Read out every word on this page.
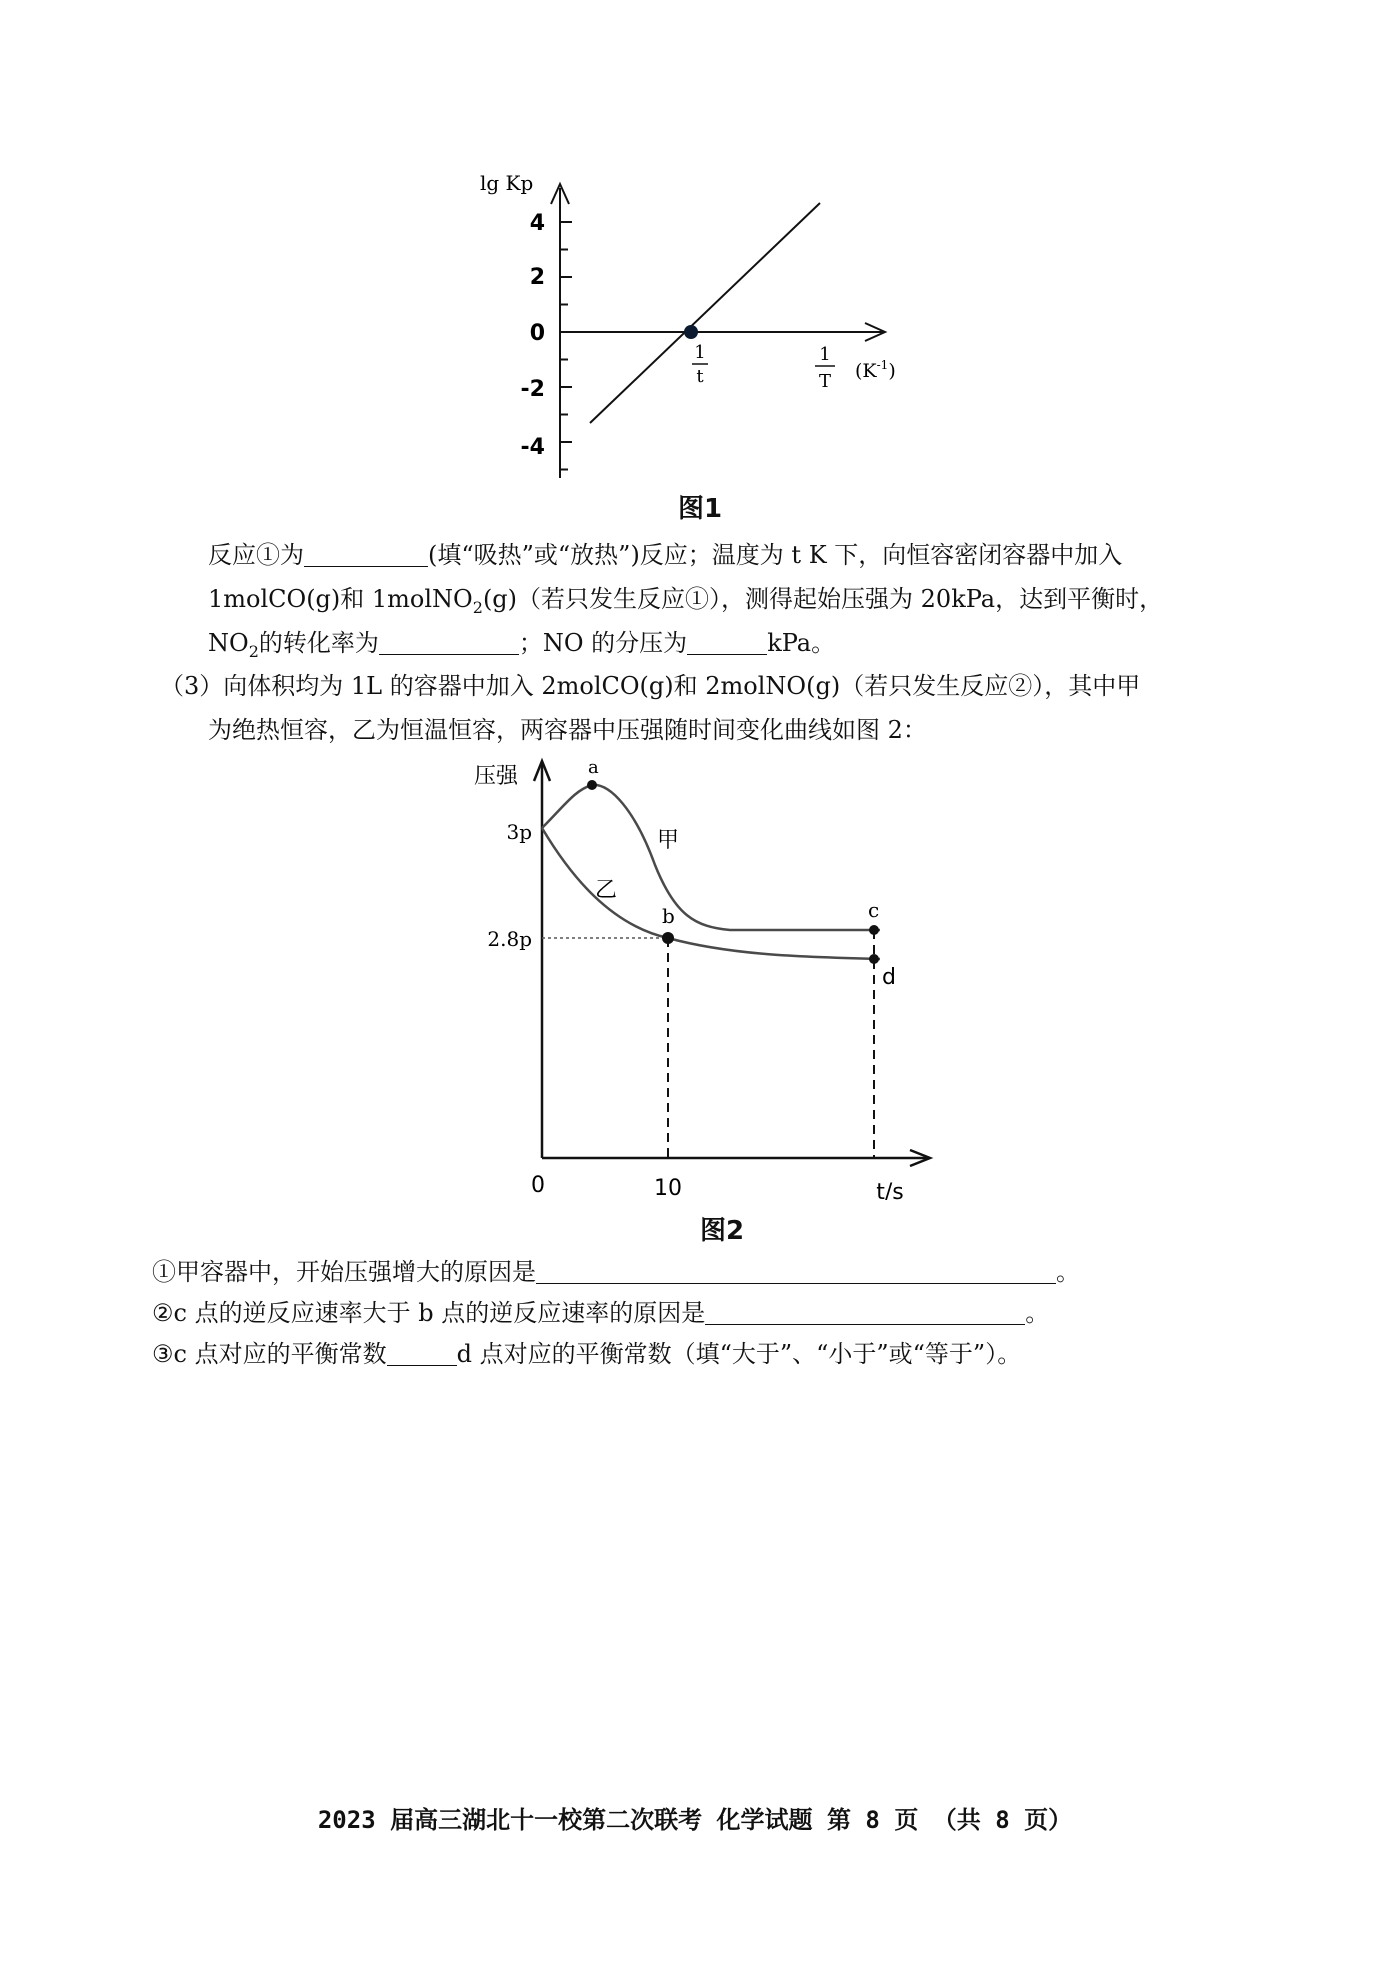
lg Kp
4
2
0
-2
-4
1
t
1
T $(K^{-1})$
图1
反应①为	(填“吸热”或“放热”)反应；温度为 t K 下，向恒容密闭容器中加入
1molCO(g)和 1molNO$_2$(g)（若只发生反应①），测得起始压强为 20kPa，达到平衡时，
$NO_2$的转化率为	；NO 的分压为	kPa。
（3）向体积均为 1L 的容器中加入 2molCO(g)和 2molNO(g)（若只发生反应②），其中甲
为绝热恒容，乙为恒温恒容，两容器中压强随时间变化曲线如图 2：
压强
3p
2.8p
a
b	c
d
甲
乙
0	10	t/s
图2
①甲容器中，开始压强增大的原因是	。
②c 点的逆反应速率大于 b 点的逆反应速率的原因是	。
③c 点对应的平衡常数	d 点对应的平衡常数（填“大于”、“小于”或“等于”）。
2023 届高三湖北十一校第二次联考 化学试题 第 8 页 （共 8 页）
